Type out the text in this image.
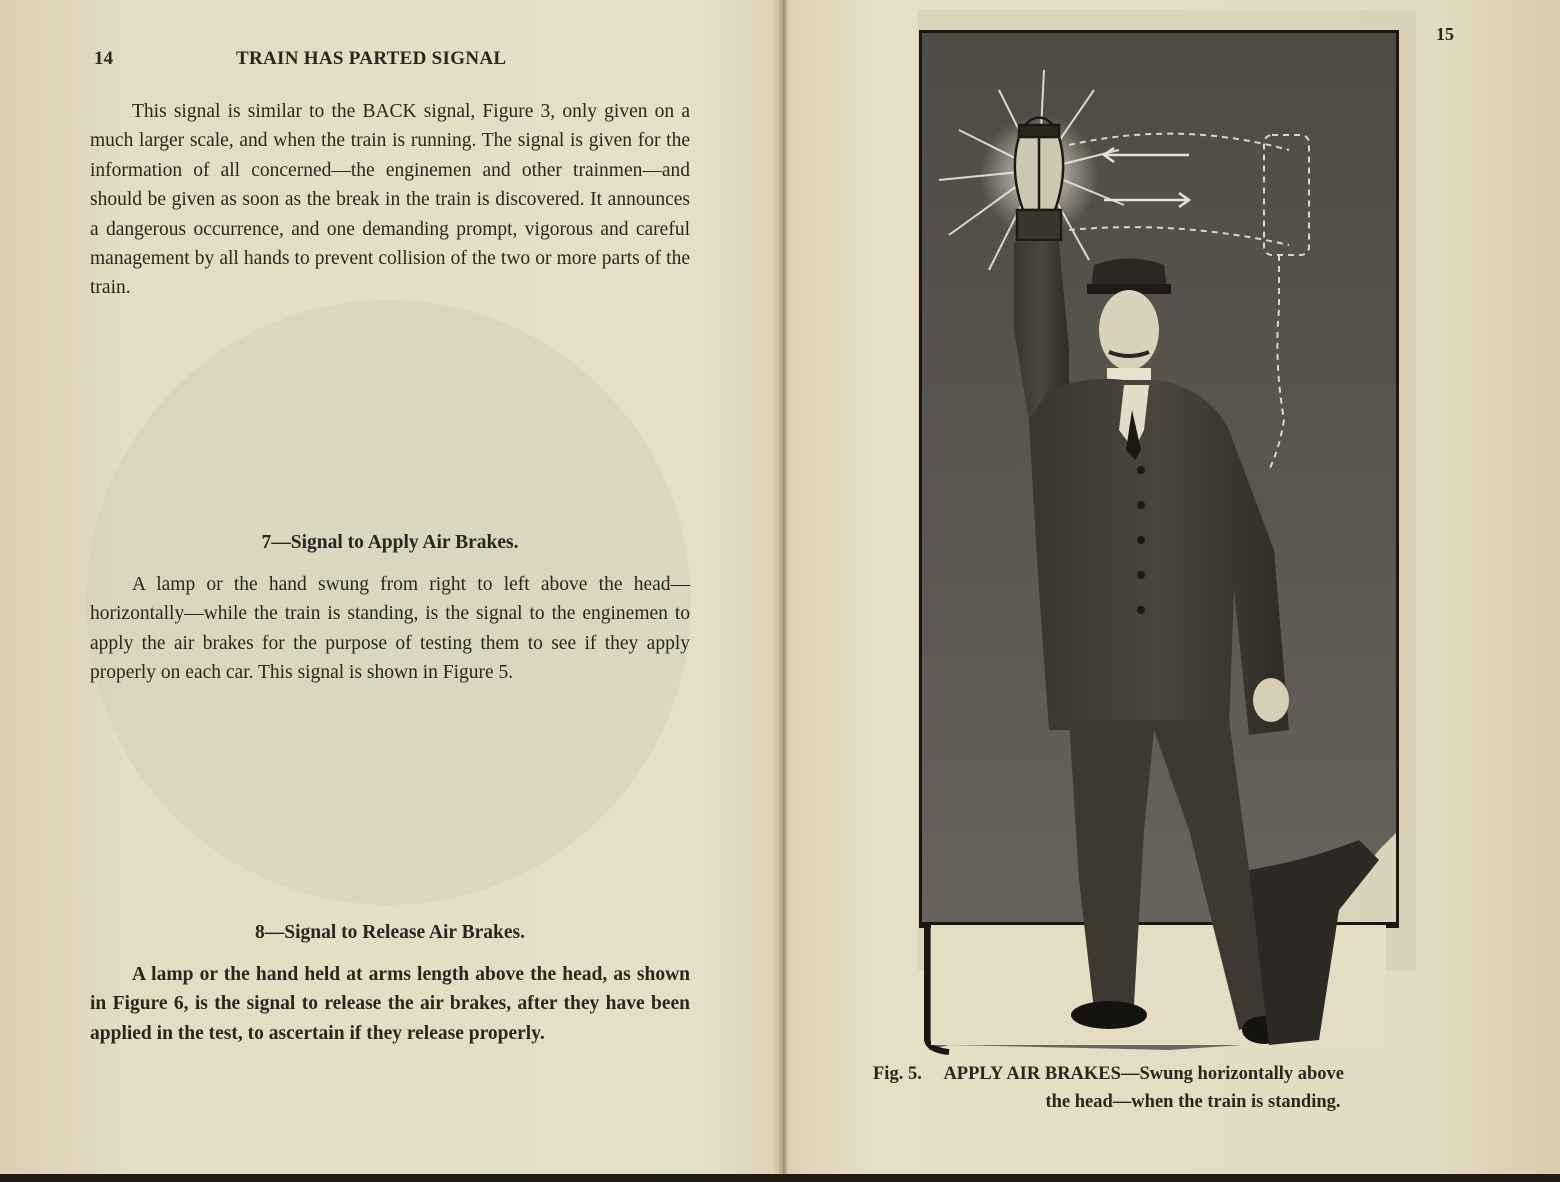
14	TRAIN HAS PARTED SIGNAL

This signal is similar to the BACK signal, Figure 3, only given on a much larger scale, and when the train is running. The signal is given for the information of all concerned—the enginemen and other trainmen—and should be given as soon as the break in the train is discovered. It announces a dangerous occurrence, and one demanding prompt, vigorous and careful management by all hands to prevent collision of the two or more parts of the train.

7—Signal to Apply Air Brakes.

A lamp or the hand swung from right to left above the head—horizontally—while the train is standing, is the signal to the enginemen to apply the air brakes for the purpose of testing them to see if they apply properly on each car. This signal is shown in Figure 5.

8—Signal to Release Air Brakes.

A lamp or the hand held at arms length above the head, as shown in Figure 6, is the signal to release the air brakes, after they have been applied in the test, to ascertain if they release properly.

15
Fig. 5. APPLY AIR BRAKES—Swung horizontally above
the head—when the train is standing.
